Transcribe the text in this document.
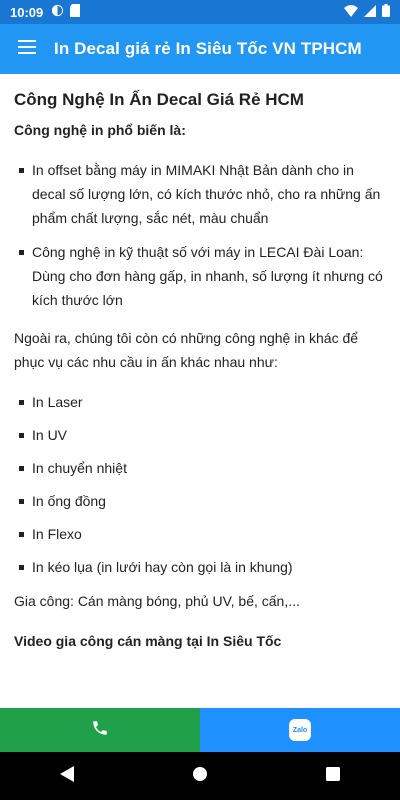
10:09
In Decal giá rẻ In Siêu Tốc VN TPHCM
Công Nghệ In Ấn Decal Giá Rẻ HCM
Công nghệ in phổ biến là:
In offset bằng máy in MIMAKI Nhật Bản dành cho in decal số lượng lớn, có kích thước nhỏ, cho ra những ấn phẩm chất lượng, sắc nét, màu chuẩn
Công nghệ in kỹ thuật số với máy in LECAI Đài Loan: Dùng cho đơn hàng gấp, in nhanh, số lượng ít nhưng có kích thước lớn

Ngoài ra, chúng tôi còn có những công nghệ in khác để phục vụ các nhu cầu in ấn khác nhau như:

In Laser
In UV
In chuyển nhiệt
In ống đồng
In Flexo
In kéo lụa (in lưới hay còn gọi là in khung)

Gia công: Cán màng bóng, phủ UV, bế, cấn,...

Video gia công cán màng tại In Siêu Tốc

Zalo
